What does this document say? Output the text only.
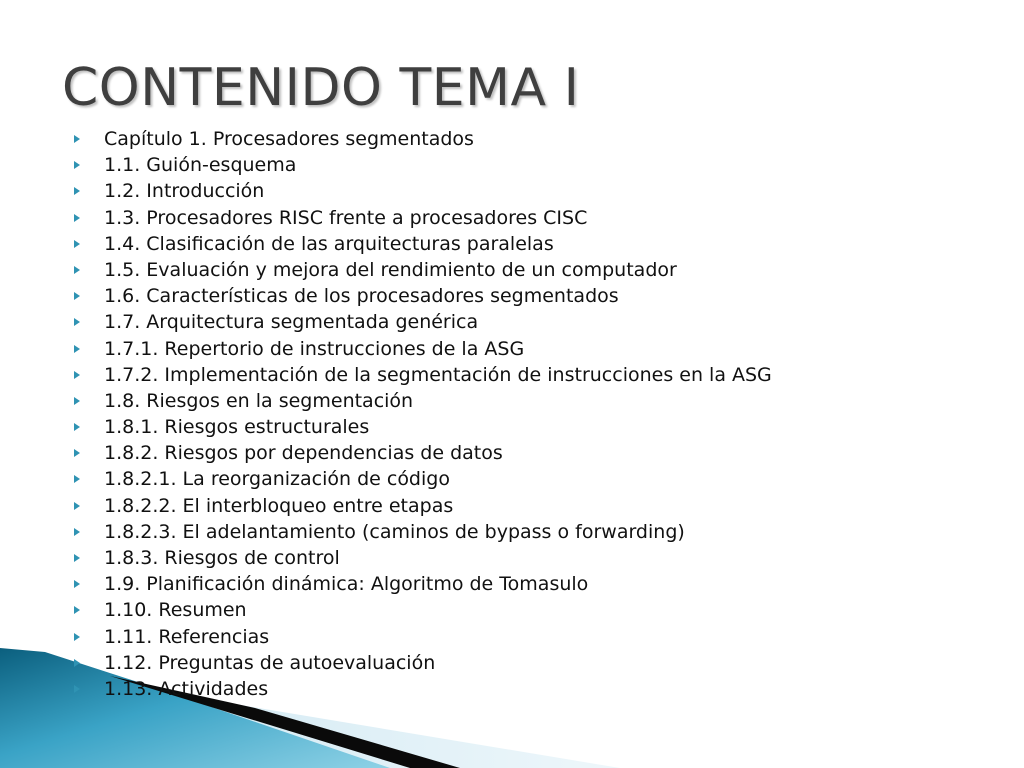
CONTENIDO TEMA I
Capítulo 1. Procesadores segmentados
1.1. Guión-esquema
1.2. Introducción
1.3. Procesadores RISC frente a procesadores CISC
1.4. Clasificación de las arquitecturas paralelas
1.5. Evaluación y mejora del rendimiento de un computador
1.6. Características de los procesadores segmentados
1.7. Arquitectura segmentada genérica
1.7.1. Repertorio de instrucciones de la ASG
1.7.2. Implementación de la segmentación de instrucciones en la ASG
1.8. Riesgos en la segmentación
1.8.1. Riesgos estructurales
1.8.2. Riesgos por dependencias de datos
1.8.2.1. La reorganización de código
1.8.2.2. El interbloqueo entre etapas
1.8.2.3. El adelantamiento (caminos de bypass o forwarding)
1.8.3. Riesgos de control
1.9. Planificación dinámica: Algoritmo de Tomasulo
1.10. Resumen
1.11. Referencias
1.12. Preguntas de autoevaluación
1.13. Actividades
